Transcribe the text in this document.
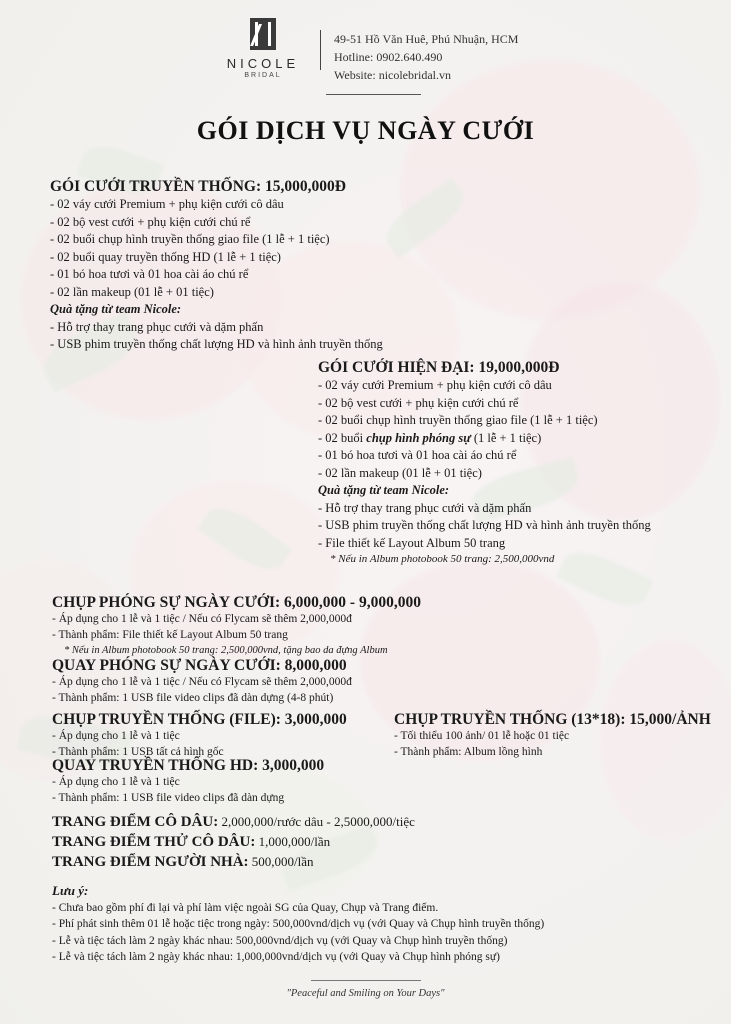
NICOLE
BRIDAL
49-51 Hồ Văn Huê, Phú Nhuận, HCM
Hotline: 0902.640.490
Website: nicolebridal.vn
GÓI DỊCH VỤ NGÀY CƯỚI
GÓI CƯỚI TRUYỀN THỐNG: 15,000,000Đ
- 02 váy cưới Premium + phụ kiện cưới cô dâu
- 02 bộ vest cưới + phụ kiện cưới chú rể
- 02 buổi chụp hình truyền thống giao file (1 lễ + 1 tiệc)
- 02 buổi quay truyền thống HD (1 lễ + 1 tiệc)
- 01 bó hoa tươi và 01 hoa cài áo chú rể
- 02 lần makeup (01 lễ + 01 tiệc)
Quà tặng từ team Nicole:
- Hỗ trợ thay trang phục cưới và dặm phấn
- USB phim truyền thống chất lượng HD và hình ảnh truyền thống
GÓI CƯỚI HIỆN ĐẠI: 19,000,000Đ
- 02 váy cưới Premium + phụ kiện cưới cô dâu
- 02 bộ vest cưới + phụ kiện cưới chú rể
- 02 buổi chụp hình truyền thống giao file (1 lễ + 1 tiệc)
- 02 buổi chụp hình phóng sự (1 lễ + 1 tiệc)
- 01 bó hoa tươi và 01 hoa cài áo chú rể
- 02 lần makeup (01 lễ + 01 tiệc)
Quà tặng từ team Nicole:
- Hỗ trợ thay trang phục cưới và dặm phấn
- USB phim truyền thống chất lượng HD và hình ảnh truyền thống
- File thiết kế Layout Album 50 trang
* Nếu in Album photobook 50 trang: 2,500,000vnd
CHỤP PHÓNG SỰ NGÀY CƯỚI: 6,000,000 - 9,000,000
- Áp dụng cho 1 lễ và 1 tiệc / Nếu có Flycam sẽ thêm 2,000,000đ
- Thành phẩm: File thiết kế Layout Album 50 trang
* Nếu in Album photobook 50 trang: 2,500,000vnd, tặng bao da đựng Album
QUAY PHÓNG SỰ NGÀY CƯỚI: 8,000,000
- Áp dụng cho 1 lễ và 1 tiệc / Nếu có Flycam sẽ thêm 2,000,000đ
- Thành phẩm: 1 USB file video clips đã dàn dựng (4-8 phút)
CHỤP TRUYỀN THỐNG (FILE): 3,000,000
- Áp dụng cho 1 lễ và 1 tiệc
- Thành phẩm: 1 USB tất cả hình gốc
CHỤP TRUYỀN THỐNG (13*18): 15,000/ẢNH
- Tối thiểu 100 ảnh/ 01 lễ hoặc 01 tiệc
- Thành phẩm: Album lồng hình
QUAY TRUYỀN THỐNG HD: 3,000,000
- Áp dụng cho 1 lễ và 1 tiệc
- Thành phẩm: 1 USB file video clips đã dàn dựng
TRANG ĐIỂM CÔ DÂU: 2,000,000/rước dâu - 2,5000,000/tiệc
TRANG ĐIỂM THỬ CÔ DÂU: 1,000,000/lần
TRANG ĐIỂM NGƯỜI NHÀ: 500,000/lần
Lưu ý:
- Chưa bao gồm phí đi lại và phí làm việc ngoài SG của Quay, Chụp và Trang điểm.
- Phí phát sinh thêm 01 lễ hoặc tiệc trong ngày: 500,000vnd/dịch vụ (với Quay và Chụp hình truyền thống)
- Lễ và tiệc tách làm 2 ngày khác nhau: 500,000vnd/dịch vụ (với Quay và Chụp hình truyền thống)
- Lễ và tiệc tách làm 2 ngày khác nhau: 1,000,000vnd/dịch vụ (với Quay và Chụp hình phóng sự)
"Peaceful and Smiling on Your Days"
